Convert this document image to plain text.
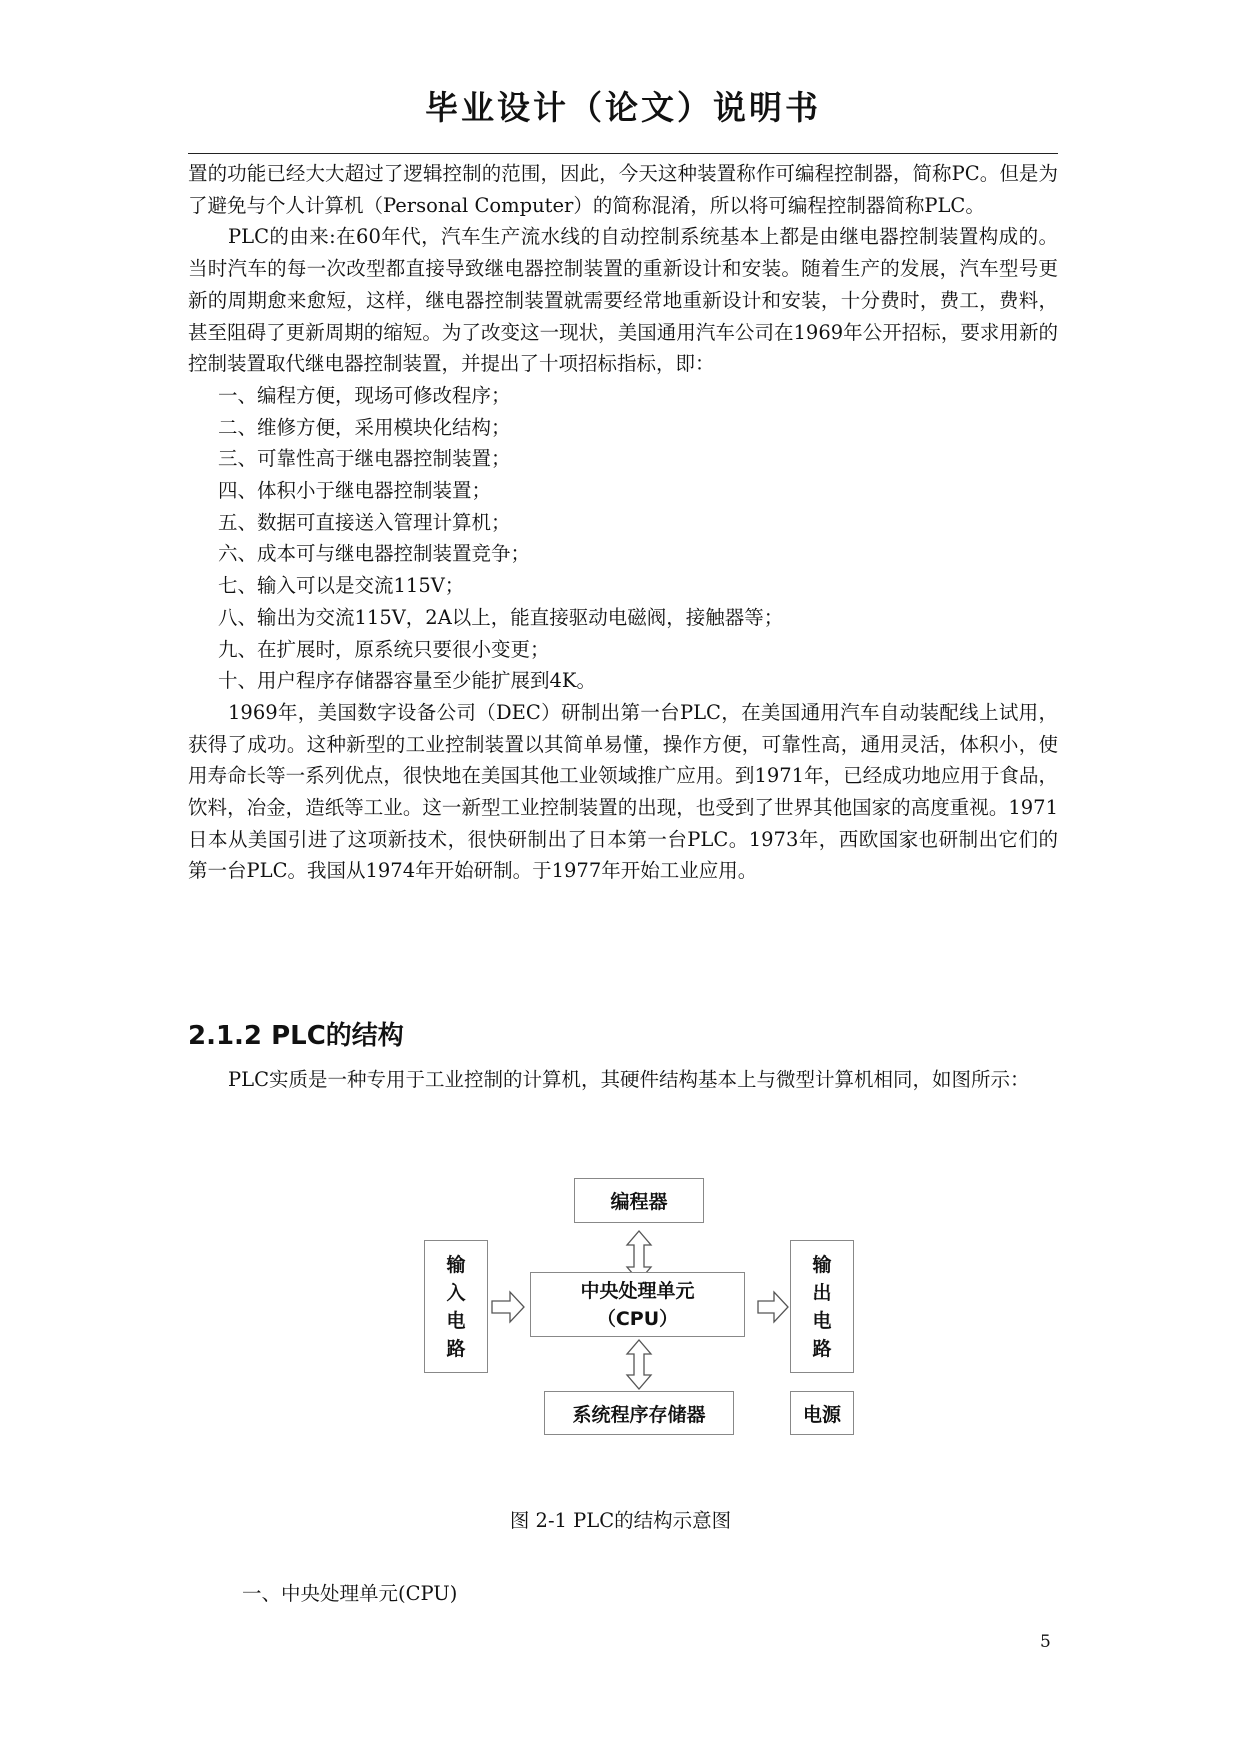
毕业设计（论文）说明书

置的功能已经大大超过了逻辑控制的范围，因此，今天这种装置称作可编程控制器，简称PC。但是为了避免与个人计算机（Personal Computer）的简称混淆，所以将可编程控制器简称PLC。

PLC的由来:在60年代，汽车生产流水线的自动控制系统基本上都是由继电器控制装置构成的。当时汽车的每一次改型都直接导致继电器控制装置的重新设计和安装。随着生产的发展，汽车型号更新的周期愈来愈短，这样，继电器控制装置就需要经常地重新设计和安装，十分费时，费工，费料，甚至阻碍了更新周期的缩短。为了改变这一现状，美国通用汽车公司在1969年公开招标，要求用新的控制装置取代继电器控制装置，并提出了十项招标指标，即：

一、编程方便，现场可修改程序；

二、维修方便，采用模块化结构；

三、可靠性高于继电器控制装置；

四、体积小于继电器控制装置；

五、数据可直接送入管理计算机；

六、成本可与继电器控制装置竞争；

七、输入可以是交流115V；

八、输出为交流115V，2A以上，能直接驱动电磁阀，接触器等；

九、在扩展时，原系统只要很小变更；

十、用户程序存储器容量至少能扩展到4K。

1969年，美国数字设备公司（DEC）研制出第一台PLC，在美国通用汽车自动装配线上试用，获得了成功。这种新型的工业控制装置以其简单易懂，操作方便，可靠性高，通用灵活，体积小，使用寿命长等一系列优点，很快地在美国其他工业领域推广应用。到1971年，已经成功地应用于食品，饮料，冶金，造纸等工业。这一新型工业控制装置的出现，也受到了世界其他国家的高度重视。1971日本从美国引进了这项新技术，很快研制出了日本第一台PLC。1973年，西欧国家也研制出它们的第一台PLC。我国从1974年开始研制。于1977年开始工业应用。

2.1.2 PLC的结构

PLC实质是一种专用于工业控制的计算机，其硬件结构基本上与微型计算机相同，如图所示：

编程器
输入电路
中央处理单元
（CPU）
输出电路
系统程序存储器	电源
图 2-1 PLC的结构示意图
一、中央处理单元(CPU)
5
